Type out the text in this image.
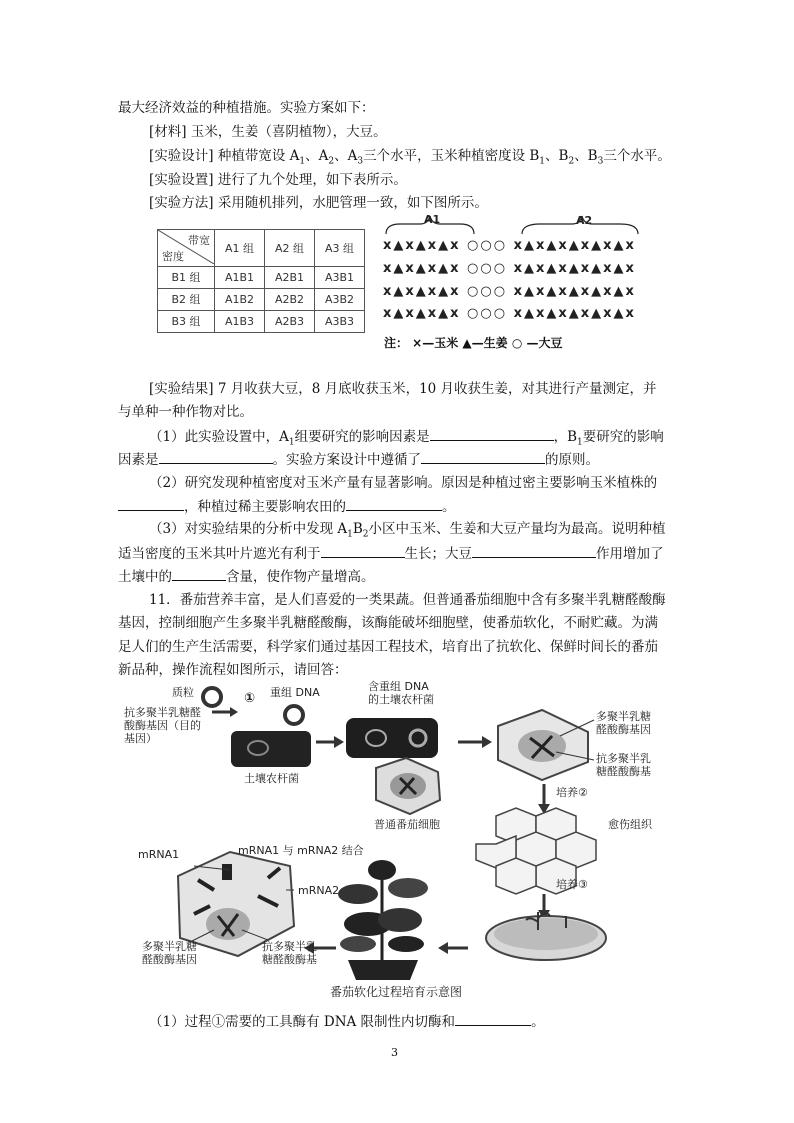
最大经济效益的种植措施。实验方案如下：
[材料] 玉米，生姜（喜阴植物），大豆。
[实验设计] 种植带宽设 $A_1$、$A_2$、$A_3$三个水平，玉米种植密度设 $B_1$、$B_2$、$B_3$三个水平。
[实验设置] 进行了九个处理，如下表所示。
[实验方法] 采用随机排列，水肥管理一致，如下图所示。
带宽
密度	A1 组	A2 组	A3 组
B1 组	A1B1	A2B1	A3B1
B2 组	A1B2	A2B2	A3B2
B3 组	A1B3	A2B3	A3B3
A1	A2
x▲x▲x▲x ○○○ x▲x▲x▲x▲x▲x
x▲x▲x▲x ○○○ x▲x▲x▲x▲x▲x
x▲x▲x▲x ○○○ x▲x▲x▲x▲x▲x
x▲x▲x▲x ○○○ x▲x▲x▲x▲x▲x
注： ×—玉米 ▲—生姜 ○ —大豆
[实验结果] 7 月收获大豆，8 月底收获玉米，10 月收获生姜，对其进行产量测定，并
与单种一种作物对比。
（1）此实验设置中，$A_1$组要研究的影响因素是	，$B_1$要研究的影响
因素是	。实验方案设计中遵循了	的原则。
（2）研究发现种植密度对玉米产量有显著影响。原因是种植过密主要影响玉米植株的
，种植过稀主要影响农田的	。
（3）对实验结果的分析中发现 $A_1B_2$小区中玉米、生姜和大豆产量均为最高。说明种植
适当密度的玉米其叶片遮光有利于	生长；大豆	作用增加了
土壤中的	含量，使作物产量增高。
11．番茄营养丰富，是人们喜爱的一类果蔬。但普通番茄细胞中含有多聚半乳糖醛酸酶
基因，控制细胞产生多聚半乳糖醛酸酶，该酶能破坏细胞壁，使番茄软化，不耐贮藏。为满
足人们的生产生活需要，科学家们通过基因工程技术，培育出了抗软化、保鲜时间长的番茄
新品种，操作流程如图所示，请回答：
质粒
抗多聚半乳糖醛
酸酶基因（目的
基因）
① 重组 DNA
土壤农杆菌
含重组 DNA
的土壤农杆菌
普通番茄细胞
多聚半乳糖
醛酸酶基因
抗多聚半乳
糖醛酸酶基
培养②
愈伤组织
培养③
mRNA1	mRNA1 与 mRNA2 结合
mRNA2
多聚半乳糖
醛酸酶基因
抗多聚半乳
糖醛酸酶基
番茄软化过程培育示意图
（1）过程①需要的工具酶有 DNA 限制性内切酶和	。
3
